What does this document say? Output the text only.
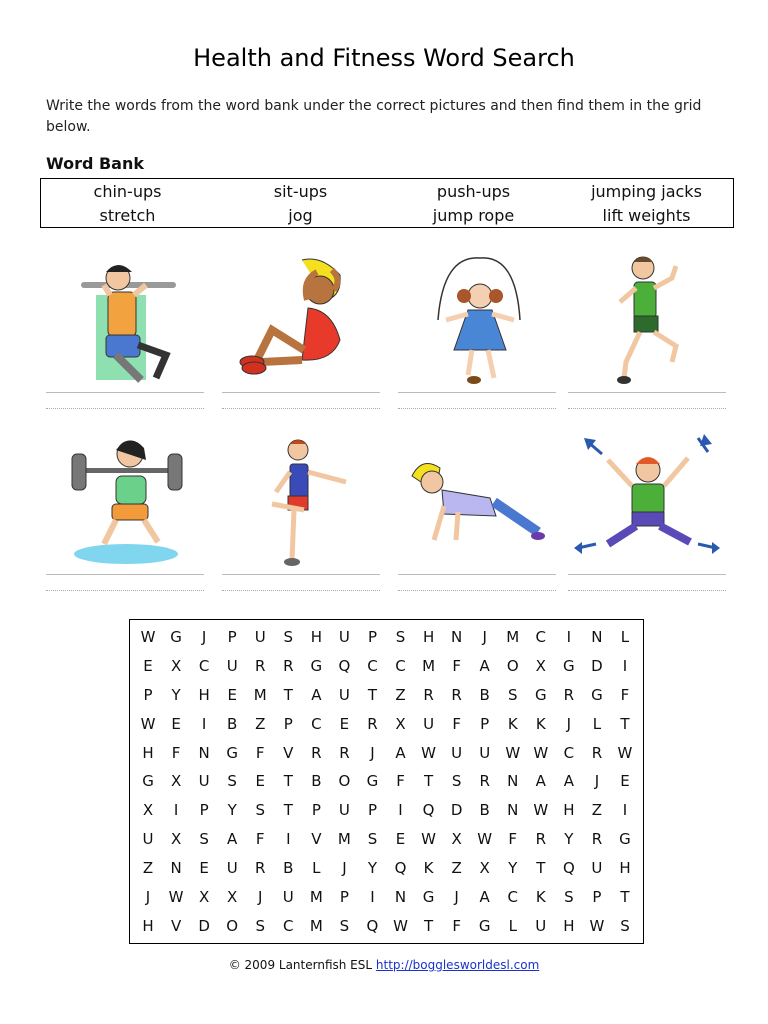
Health and Fitness Word Search
Write the words from the word bank under the correct pictures and then find them in the grid below.
Word Bank
chin-ups	sit-ups	push-ups	jumping jacks
stretch	jog	jump rope	lift weights
W G J P U S H U P S H N J M C I N L
E X C U R R G Q C C M F A O X G D I
P Y H E M T A U T Z R R B S G R G F
W E I B Z P C E R X U F P K K J L T
H F N G F V R R J A W U U W W C R W
G X U S E T B O G F T S R N A A J E
X I P Y S T P U P I Q D B N W H Z I
U X S A F I V M S E W X W F R Y R G
Z N E U R B L J Y Q K Z X Y T Q U H
J W X X J U M P I N G J A C K S P T
H V D O S C M S Q W T F G L U H W S
© 2009 Lanternfish ESL http://bogglesworldesl.com
